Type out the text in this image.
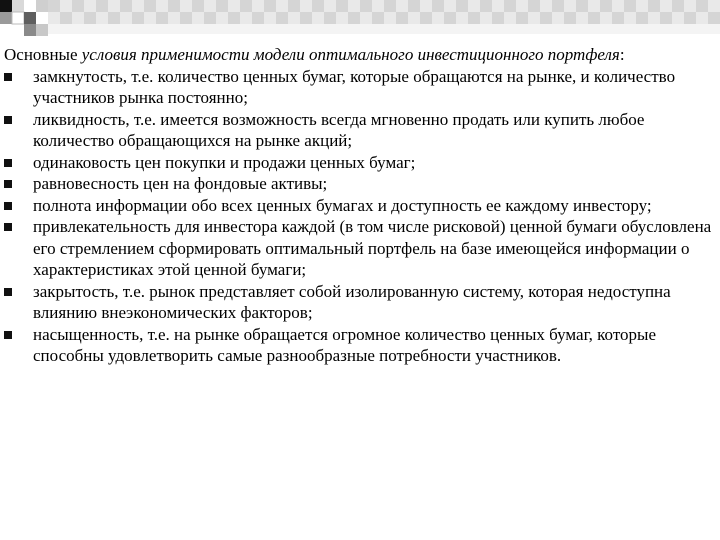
Основные условия применимости модели оптимального инвестиционного портфеля:

замкнутость, т.е. количество ценных бумаг, которые обращаются на рынке, и количество участников рынка постоянно;
ликвидность, т.е. имеется возможность всегда мгновенно продать или купить любое количество обращающихся на рынке акций;
одинаковость цен покупки и продажи ценных бумаг;
равновесность цен на фондовые активы;
полнота информации обо всех ценных бумагах и доступность ее каждому инвестору;
привлекательность для инвестора каждой (в том числе рисковой) ценной бумаги обусловлена его стремлением сформировать оптимальный портфель на базе имеющейся информации о характеристиках этой ценной бумаги;
закрытость, т.е. рынок представляет собой изолированную систему, которая недоступна влиянию внеэкономических факторов;
насыщенность, т.е. на рынке обращается огромное количество ценных бумаг, которые способны удовлетворить самые разнообразные потребности участников.
